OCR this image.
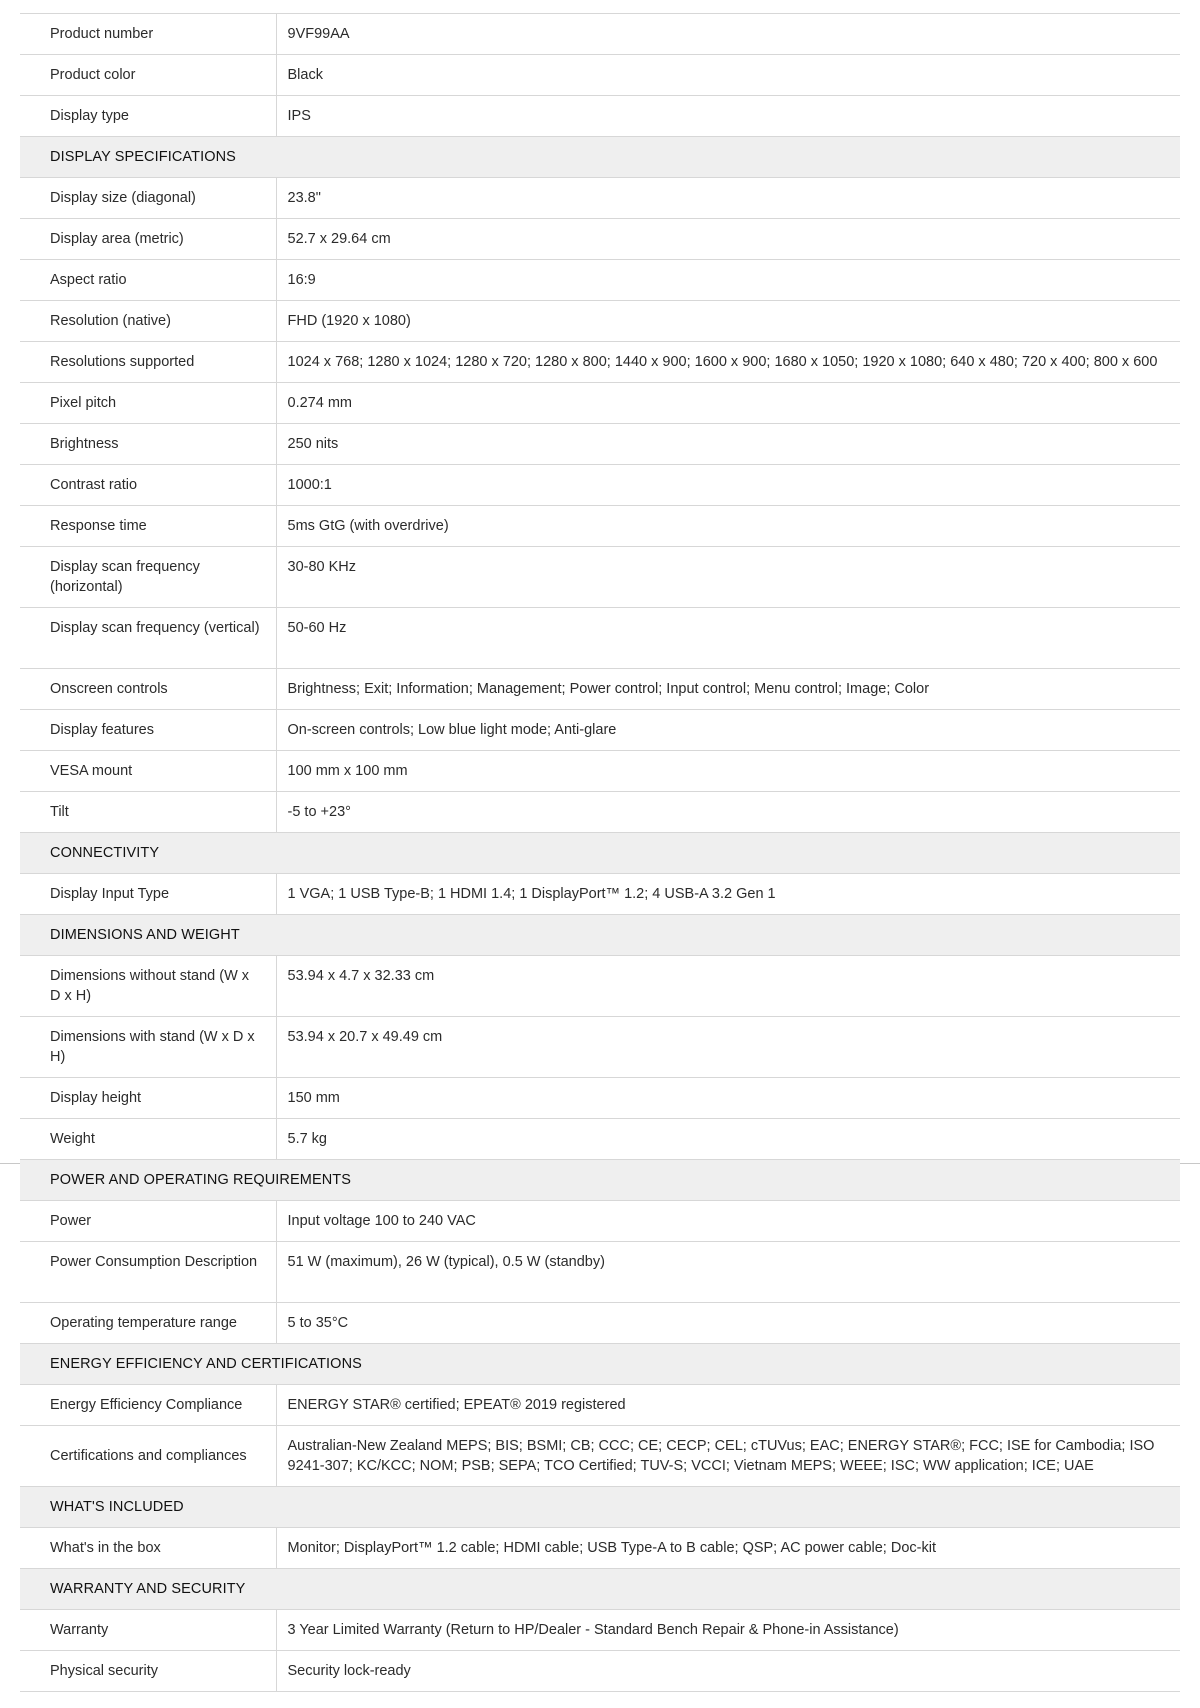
Product number	9VF99AA
Product color	Black
Display type	IPS
DISPLAY SPECIFICATIONS	
Display size (diagonal)	23.8"
Display area (metric)	52.7 x 29.64 cm
Aspect ratio	16:9
Resolution (native)	FHD (1920 x 1080)
Resolutions supported	1024 x 768; 1280 x 1024; 1280 x 720; 1280 x 800; 1440 x 900; 1600 x 900; 1680 x 1050; 1920 x 1080; 640 x 480; 720 x 400; 800 x 600
Pixel pitch	0.274 mm
Brightness	250 nits
Contrast ratio	1000:1
Response time	5ms GtG (with overdrive)
Display scan frequency (horizontal)	30-80 KHz
Display scan frequency (vertical)	50-60 Hz
Onscreen controls	Brightness; Exit; Information; Management; Power control; Input control; Menu control; Image; Color
Display features	On-screen controls; Low blue light mode; Anti-glare
VESA mount	100 mm x 100 mm
Tilt	-5 to +23°
CONNECTIVITY	
Display Input Type	1 VGA; 1 USB Type-B; 1 HDMI 1.4; 1 DisplayPort™ 1.2; 4 USB-A 3.2 Gen 1
DIMENSIONS AND WEIGHT	
Dimensions without stand (W x D x H)	53.94 x 4.7 x 32.33 cm
Dimensions with stand (W x D x H)	53.94 x 20.7 x 49.49 cm
Display height	150 mm
Weight	5.7 kg
POWER AND OPERATING REQUIREMENTS	
Power	Input voltage 100 to 240 VAC
Power Consumption Description	51 W (maximum), 26 W (typical), 0.5 W (standby)
Operating temperature range	5 to 35°C
ENERGY EFFICIENCY AND CERTIFICATIONS	
Energy Efficiency Compliance	ENERGY STAR® certified; EPEAT® 2019 registered
Certifications and compliances	Australian-New Zealand MEPS; BIS; BSMI; CB; CCC; CE; CECP; CEL; cTUVus; EAC; ENERGY STAR®; FCC; ISE for Cambodia; ISO 9241-307; KC/KCC; NOM; PSB; SEPA; TCO Certified; TUV-S; VCCI; Vietnam MEPS; WEEE; ISC; WW application; ICE; UAE
WHAT'S INCLUDED	
What's in the box	Monitor; DisplayPort™ 1.2 cable; HDMI cable; USB Type-A to B cable; QSP; AC power cable; Doc-kit
WARRANTY AND SECURITY	
Warranty	3 Year Limited Warranty (Return to HP/Dealer - Standard Bench Repair & Phone-in Assistance)
Physical security	Security lock-ready
